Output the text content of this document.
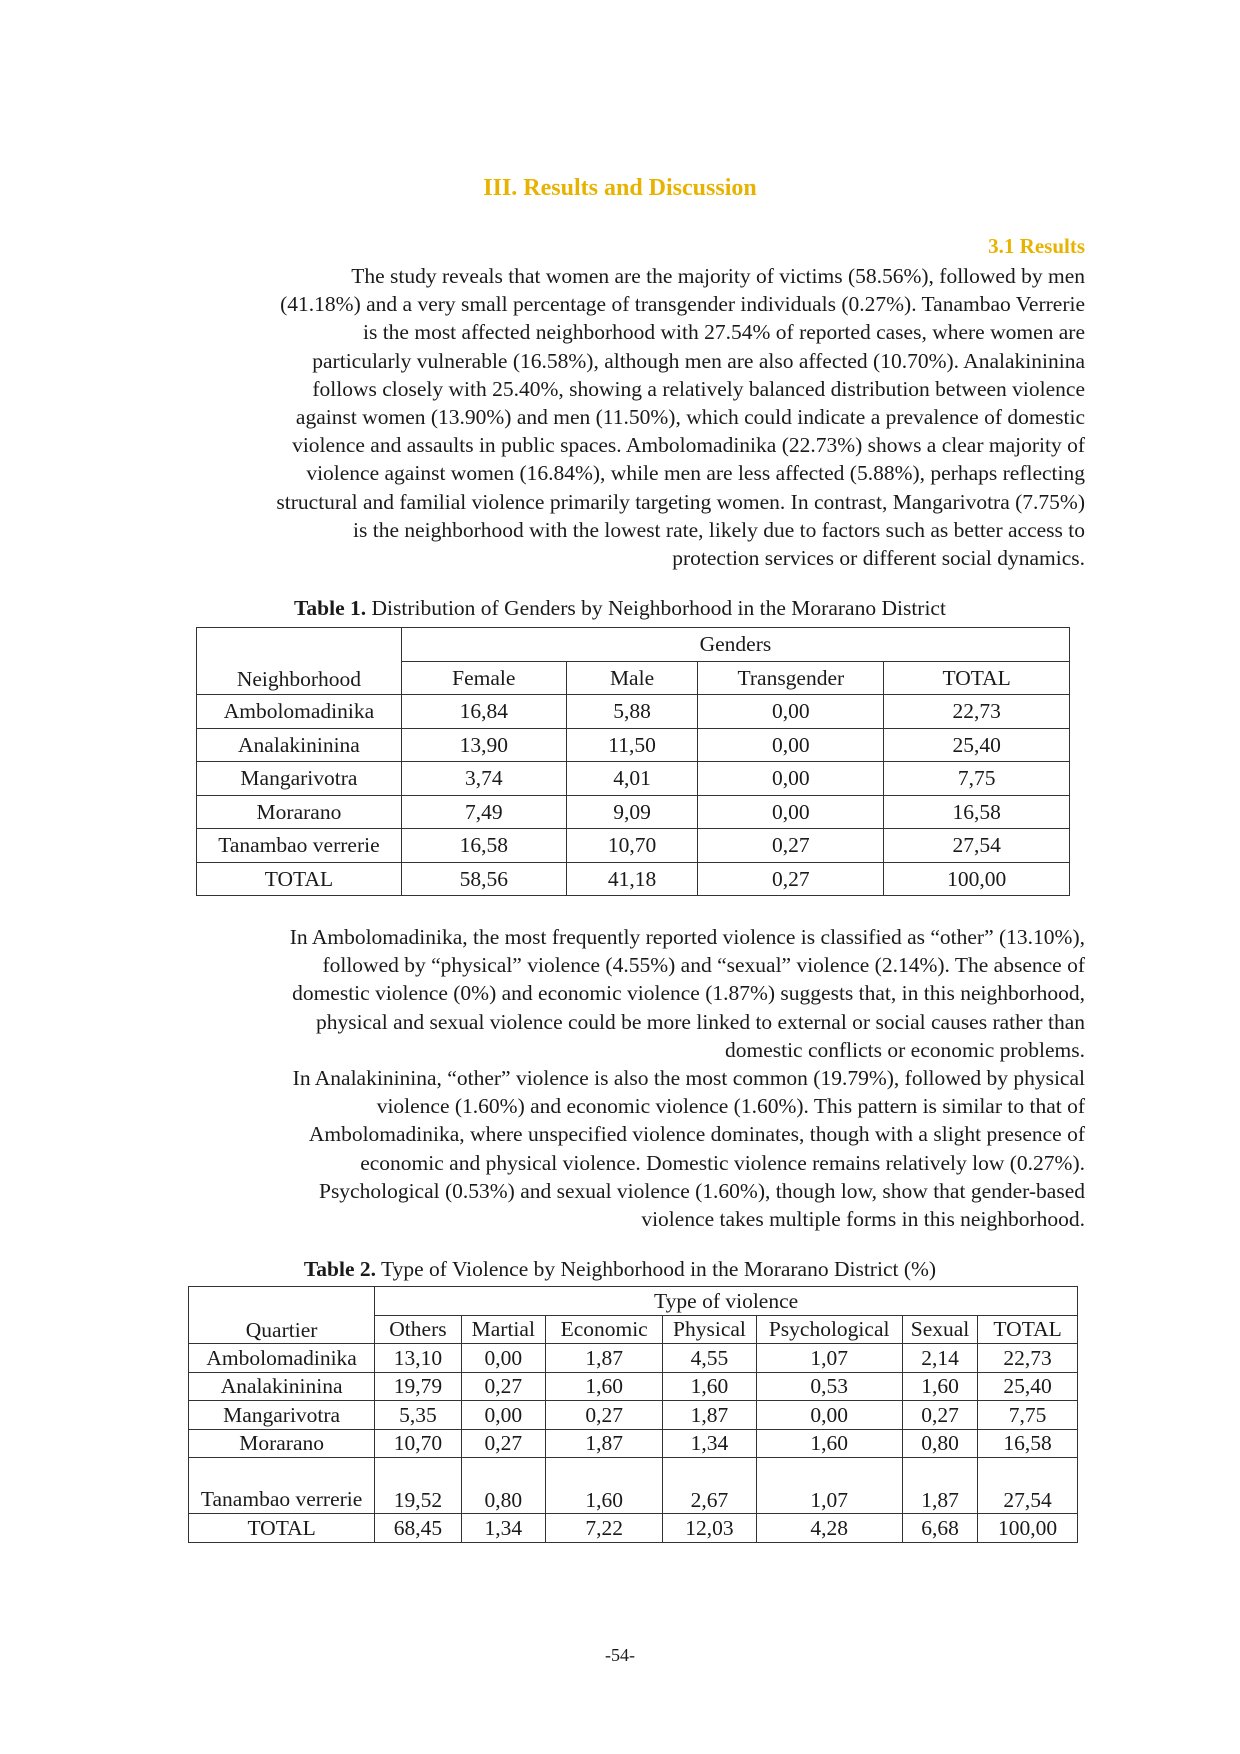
III. Results and Discussion
3.1 Results

The study reveals that women are the majority of victims (58.56%), followed by men
(41.18%) and a very small percentage of transgender individuals (0.27%). Tanambao Verrerie
is the most affected neighborhood with 27.54% of reported cases, where women are
particularly vulnerable (16.58%), although men are also affected (10.70%). Analakininina
follows closely with 25.40%, showing a relatively balanced distribution between violence
against women (13.90%) and men (11.50%), which could indicate a prevalence of domestic
violence and assaults in public spaces. Ambolomadinika (22.73%) shows a clear majority of
violence against women (16.84%), while men are less affected (5.88%), perhaps reflecting
structural and familial violence primarily targeting women. In contrast, Mangarivotra (7.75%)
is the neighborhood with the lowest rate, likely due to factors such as better access to
protection services or different social dynamics.

Table 1. Distribution of Genders by Neighborhood in the Morarano District

Neighborhood	Genders			
	Female	Male	Transgender	TOTAL
Ambolomadinika	16,84	5,88	0,00	22,73
Analakininina	13,90	11,50	0,00	25,40
Mangarivotra	3,74	4,01	0,00	7,75
Morarano	7,49	9,09	0,00	16,58
Tanambao verrerie	16,58	10,70	0,27	27,54
TOTAL	58,56	41,18	0,27	100,00

In Ambolomadinika, the most frequently reported violence is classified as “other” (13.10%),
followed by “physical” violence (4.55%) and “sexual” violence (2.14%). The absence of
domestic violence (0%) and economic violence (1.87%) suggests that, in this neighborhood,
physical and sexual violence could be more linked to external or social causes rather than
domestic conflicts or economic problems.

In Analakininina, “other” violence is also the most common (19.79%), followed by physical
violence (1.60%) and economic violence (1.60%). This pattern is similar to that of
Ambolomadinika, where unspecified violence dominates, though with a slight presence of
economic and physical violence. Domestic violence remains relatively low (0.27%).
Psychological (0.53%) and sexual violence (1.60%), though low, show that gender-based
violence takes multiple forms in this neighborhood.

Table 2. Type of Violence by Neighborhood in the Morarano District (%)

Quartier	Type of violence						
	Others	Martial	Economic	Physical	Psychological	Sexual	TOTAL
Ambolomadinika	13,10	0,00	1,87	4,55	1,07	2,14	22,73
Analakininina	19,79	0,27	1,60	1,60	0,53	1,60	25,40
Mangarivotra	5,35	0,00	0,27	1,87	0,00	0,27	7,75
Morarano	10,70	0,27	1,87	1,34	1,60	0,80	16,58
Tanambao verrerie	19,52	0,80	1,60	2,67	1,07	1,87	27,54
TOTAL	68,45	1,34	7,22	12,03	4,28	6,68	100,00
-54-
